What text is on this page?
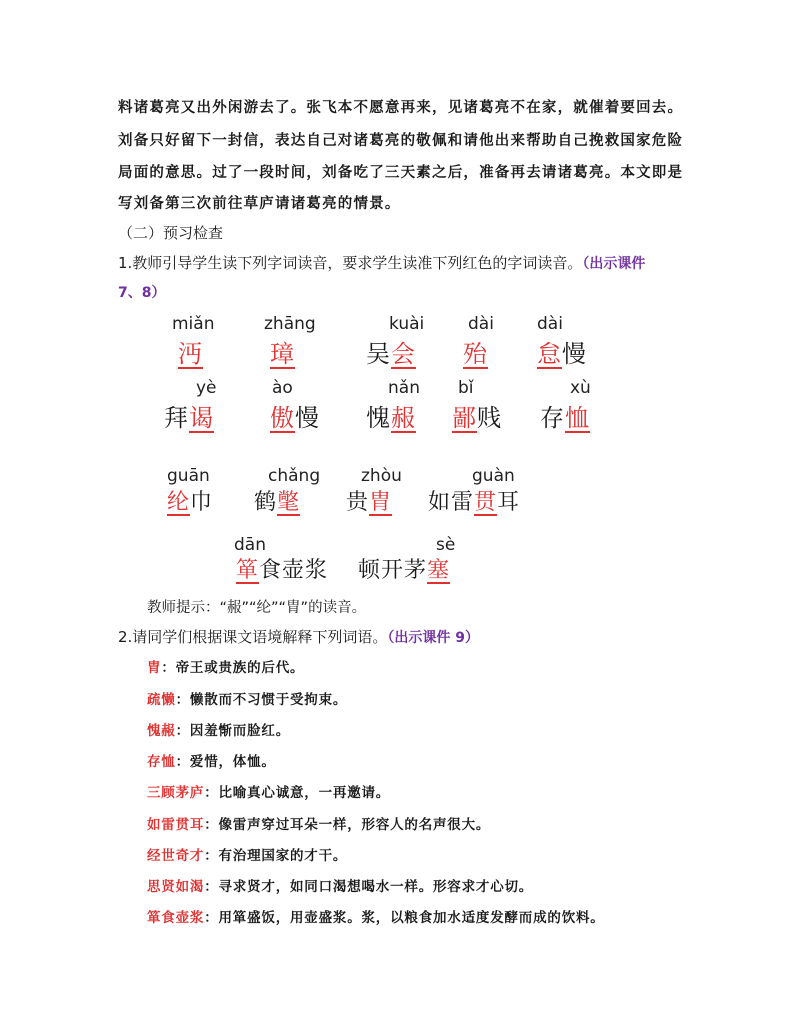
料诸葛亮又出外闲游去了。张飞本不愿意再来，见诸葛亮不在家，就催着要回去。
刘备只好留下一封信，表达自己对诸葛亮的敬佩和请他出来帮助自己挽救国家危险
局面的意思。过了一段时间，刘备吃了三天素之后，准备再去请诸葛亮。本文即是
写刘备第三次前往草庐请诸葛亮的情景。
（二）预习检查
1.教师引导学生读下列字词读音，要求学生读准下列红色的字词读音。（出示课件
7、8）
miǎn
沔
zhāng
璋
kuài
吴会
dài
殆
dài
怠慢
yè
拜谒
ào
傲慢
nǎn
愧赧
bǐ
鄙贱
xù
存恤
guān
纶巾
chǎng
鹤氅
zhòu
贵胄
guàn
如雷贯耳
dān
箪食壶浆
sè
顿开茅塞
教师提示：“赧”“纶”“胄”的读音。
2.请同学们根据课文语境解释下列词语。（出示课件 9）
胄：帝王或贵族的后代。
疏懒：懒散而不习惯于受拘束。
愧赧：因羞惭而脸红。
存恤：爱惜，体恤。
三顾茅庐：比喻真心诚意，一再邀请。
如雷贯耳：像雷声穿过耳朵一样，形容人的名声很大。
经世奇才：有治理国家的才干。
思贤如渴：寻求贤才，如同口渴想喝水一样。形容求才心切。
箪食壶浆：用箪盛饭，用壶盛浆。浆，以粮食加水适度发酵而成的饮料。
